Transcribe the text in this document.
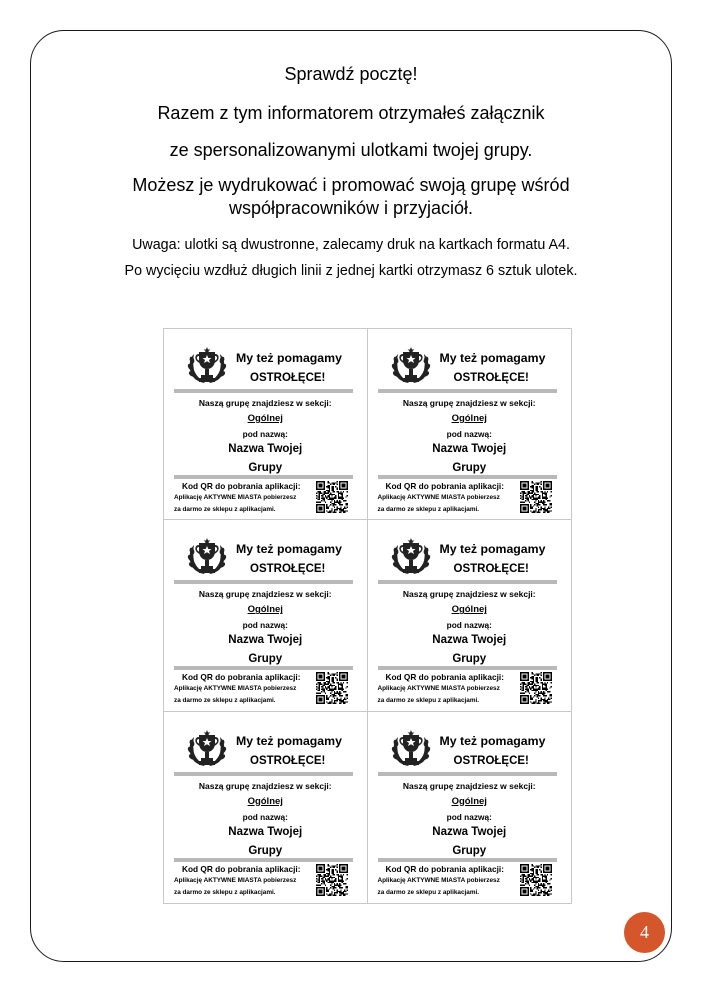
Sprawdź pocztę!

Razem z tym informatorem otrzymałeś załącznik

ze spersonalizowanymi ulotkami twojej grupy.

Możesz je wydrukować i promować swoją grupę wśród

współpracowników i przyjaciół.

Uwaga: ulotki są dwustronne, zalecamy druk na kartkach formatu A4.

Po wycięciu wzdłuż długich linii z jednej kartki otrzymasz 6 sztuk ulotek.

My też pomagamy
OSTROŁĘCE!
Naszą grupę znajdziesz w sekcji:
Ogólnej
pod nazwą:
Nazwa Twojej
Grupy
Kod QR do pobrania aplikacji:
Aplikację AKTYWNE MIASTA pobierzesz
za darmo ze sklepu z aplikacjami.
My też pomagamy
OSTROŁĘCE!
Naszą grupę znajdziesz w sekcji:
Ogólnej
pod nazwą:
Nazwa Twojej
Grupy
Kod QR do pobrania aplikacji:
Aplikację AKTYWNE MIASTA pobierzesz
za darmo ze sklepu z aplikacjami.
My też pomagamy
OSTROŁĘCE!
Naszą grupę znajdziesz w sekcji:
Ogólnej
pod nazwą:
Nazwa Twojej
Grupy
Kod QR do pobrania aplikacji:
Aplikację AKTYWNE MIASTA pobierzesz
za darmo ze sklepu z aplikacjami.
My też pomagamy
OSTROŁĘCE!
Naszą grupę znajdziesz w sekcji:
Ogólnej
pod nazwą:
Nazwa Twojej
Grupy
Kod QR do pobrania aplikacji:
Aplikację AKTYWNE MIASTA pobierzesz
za darmo ze sklepu z aplikacjami.
My też pomagamy
OSTROŁĘCE!
Naszą grupę znajdziesz w sekcji:
Ogólnej
pod nazwą:
Nazwa Twojej
Grupy
Kod QR do pobrania aplikacji:
Aplikację AKTYWNE MIASTA pobierzesz
za darmo ze sklepu z aplikacjami.
My też pomagamy
OSTROŁĘCE!
Naszą grupę znajdziesz w sekcji:
Ogólnej
pod nazwą:
Nazwa Twojej
Grupy
Kod QR do pobrania aplikacji:
Aplikację AKTYWNE MIASTA pobierzesz
za darmo ze sklepu z aplikacjami.
4
